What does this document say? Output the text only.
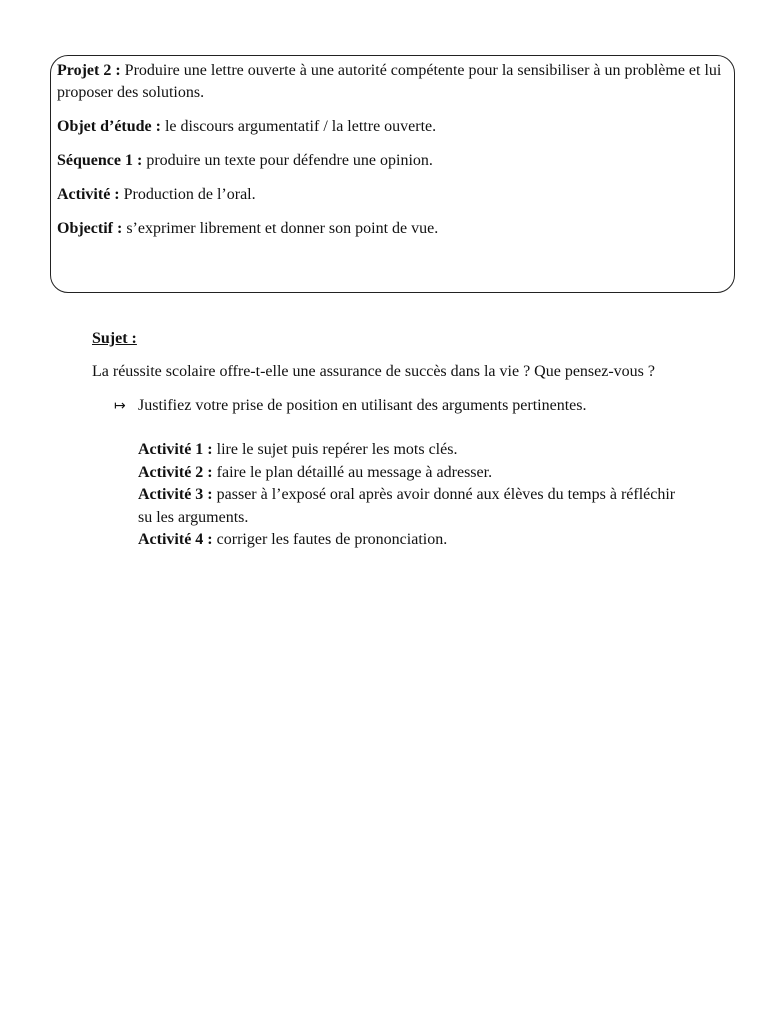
Projet 2 : Produire une lettre ouverte à une autorité compétente pour la sensibiliser à un problème et lui proposer des solutions.

Objet d’étude : le discours argumentatif / la lettre ouverte.

Séquence 1 : produire un texte pour défendre une opinion.

Activité : Production de l’oral.

Objectif : s’exprimer librement et donner son point de vue.

Sujet :

La réussite scolaire offre-t-elle une assurance de succès dans la vie ? Que pensez-vous ?

↦ Justifiez votre prise de position en utilisant des arguments pertinentes.

Activité 1 : lire le sujet puis repérer les mots clés.

Activité 2 : faire le plan détaillé au message à adresser.

Activité 3 : passer à l’exposé oral après avoir donné aux élèves du temps à réfléchir su les arguments.

Activité 4 : corriger les fautes de prononciation.
